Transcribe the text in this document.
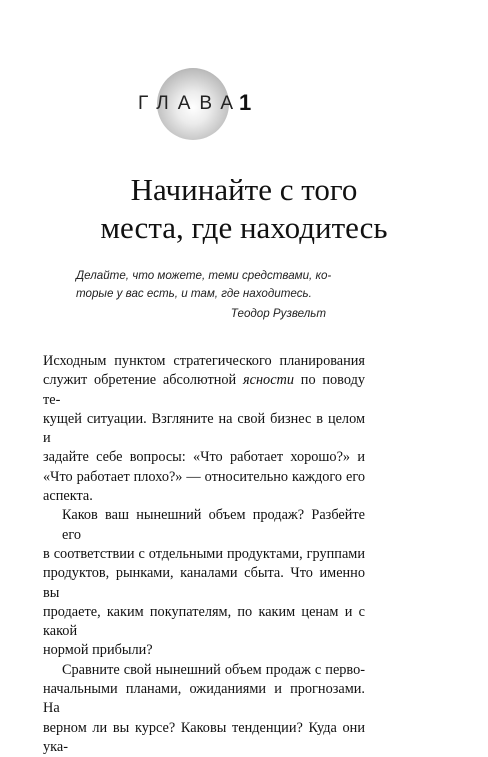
ГЛАВА
1
Начинайте с того
места, где находитесь
Делайте, что можете, теми средствами, ко-
торые у вас есть, и там, где находитесь.
Теодор Рузвельт
Исходным пунктом стратегического планирования
служит обретение абсолютной ясности по поводу те-
кущей ситуации. Взгляните на свой бизнес в целом и
задайте себе вопросы: «Что работает хорошо?» и
«Что работает плохо?» — относительно каждого его
аспекта.
Каков ваш нынешний объем продаж? Разбейте его
в соответствии с отдельными продуктами, группами
продуктов, рынками, каналами сбыта. Что именно вы
продаете, каким покупателям, по каким ценам и с какой
нормой прибыли?
Сравните свой нынешний объем продаж с перво-
начальными планами, ожиданиями и прогнозами. На
верном ли вы курсе? Каковы тенденции? Куда они ука-
